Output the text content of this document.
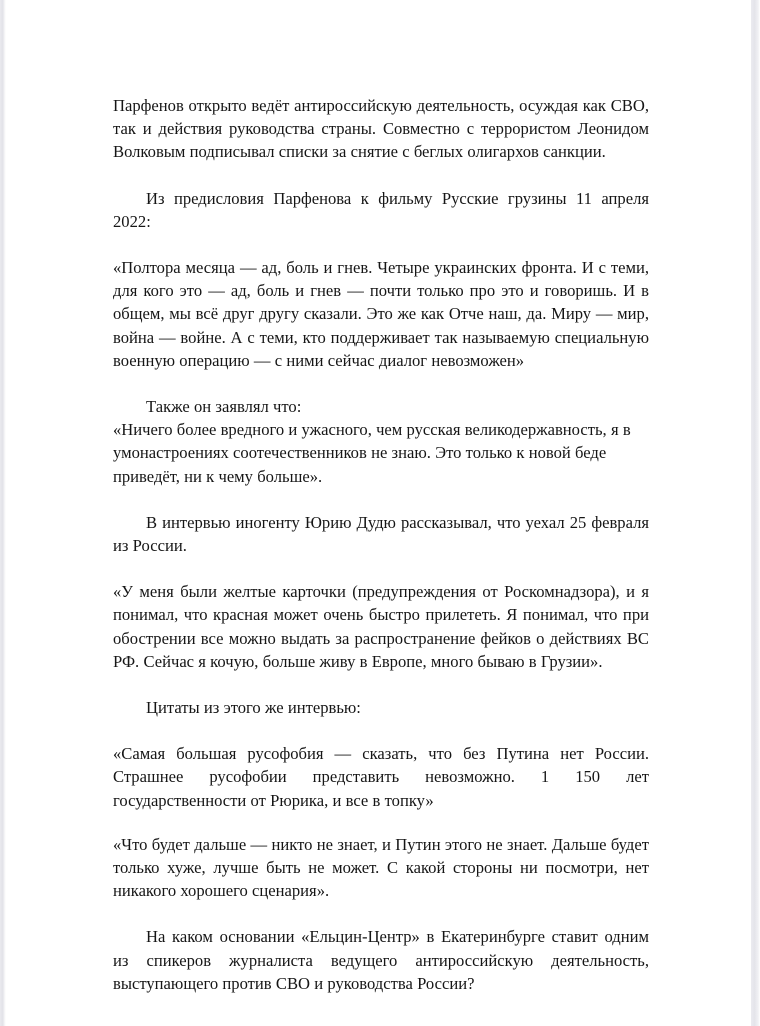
Парфенов открыто ведёт антироссийскую деятельность, осуждая как СВО, так и действия руководства страны. Совместно с террористом Леонидом Волковым подписывал списки за снятие с беглых олигархов санкции.

Из предисловия Парфенова к фильму Русские грузины 11 апреля 2022:

«Полтора месяца — ад, боль и гнев. Четыре украинских фронта. И с теми, для кого это — ад, боль и гнев — почти только про это и говоришь. И в общем, мы всё друг другу сказали. Это же как Отче наш, да. Миру — мир, война — войне. А с теми, кто поддерживает так называемую специальную военную операцию — с ними сейчас диалог невозможен»

Также он заявлял что:

«Ничего более вредного и ужасного, чем русская великодержавность, я в умонастроениях соотечественников не знаю. Это только к новой беде приведёт, ни к чему больше».

В интервью иногенту Юрию Дудю рассказывал, что уехал 25 февраля из России.

«У меня были желтые карточки (предупреждения от Роскомнадзора), и я понимал, что красная может очень быстро прилететь. Я понимал, что при обострении все можно выдать за распространение фейков о действиях ВС РФ. Сейчас я кочую, больше живу в Европе, много бываю в Грузии».

Цитаты из этого же интервью:

«Самая большая русофобия — сказать, что без Путина нет России. Страшнее русофобии представить невозможно. 1 150 лет государственности от Рюрика, и все в топку»

«Что будет дальше — никто не знает, и Путин этого не знает. Дальше будет только хуже, лучше быть не может. С какой стороны ни посмотри, нет никакого хорошего сценария».

На каком основании «Ельцин-Центр» в Екатеринбурге ставит одним из спикеров журналиста ведущего антироссийскую деятельность, выступающего против СВО и руководства России?
